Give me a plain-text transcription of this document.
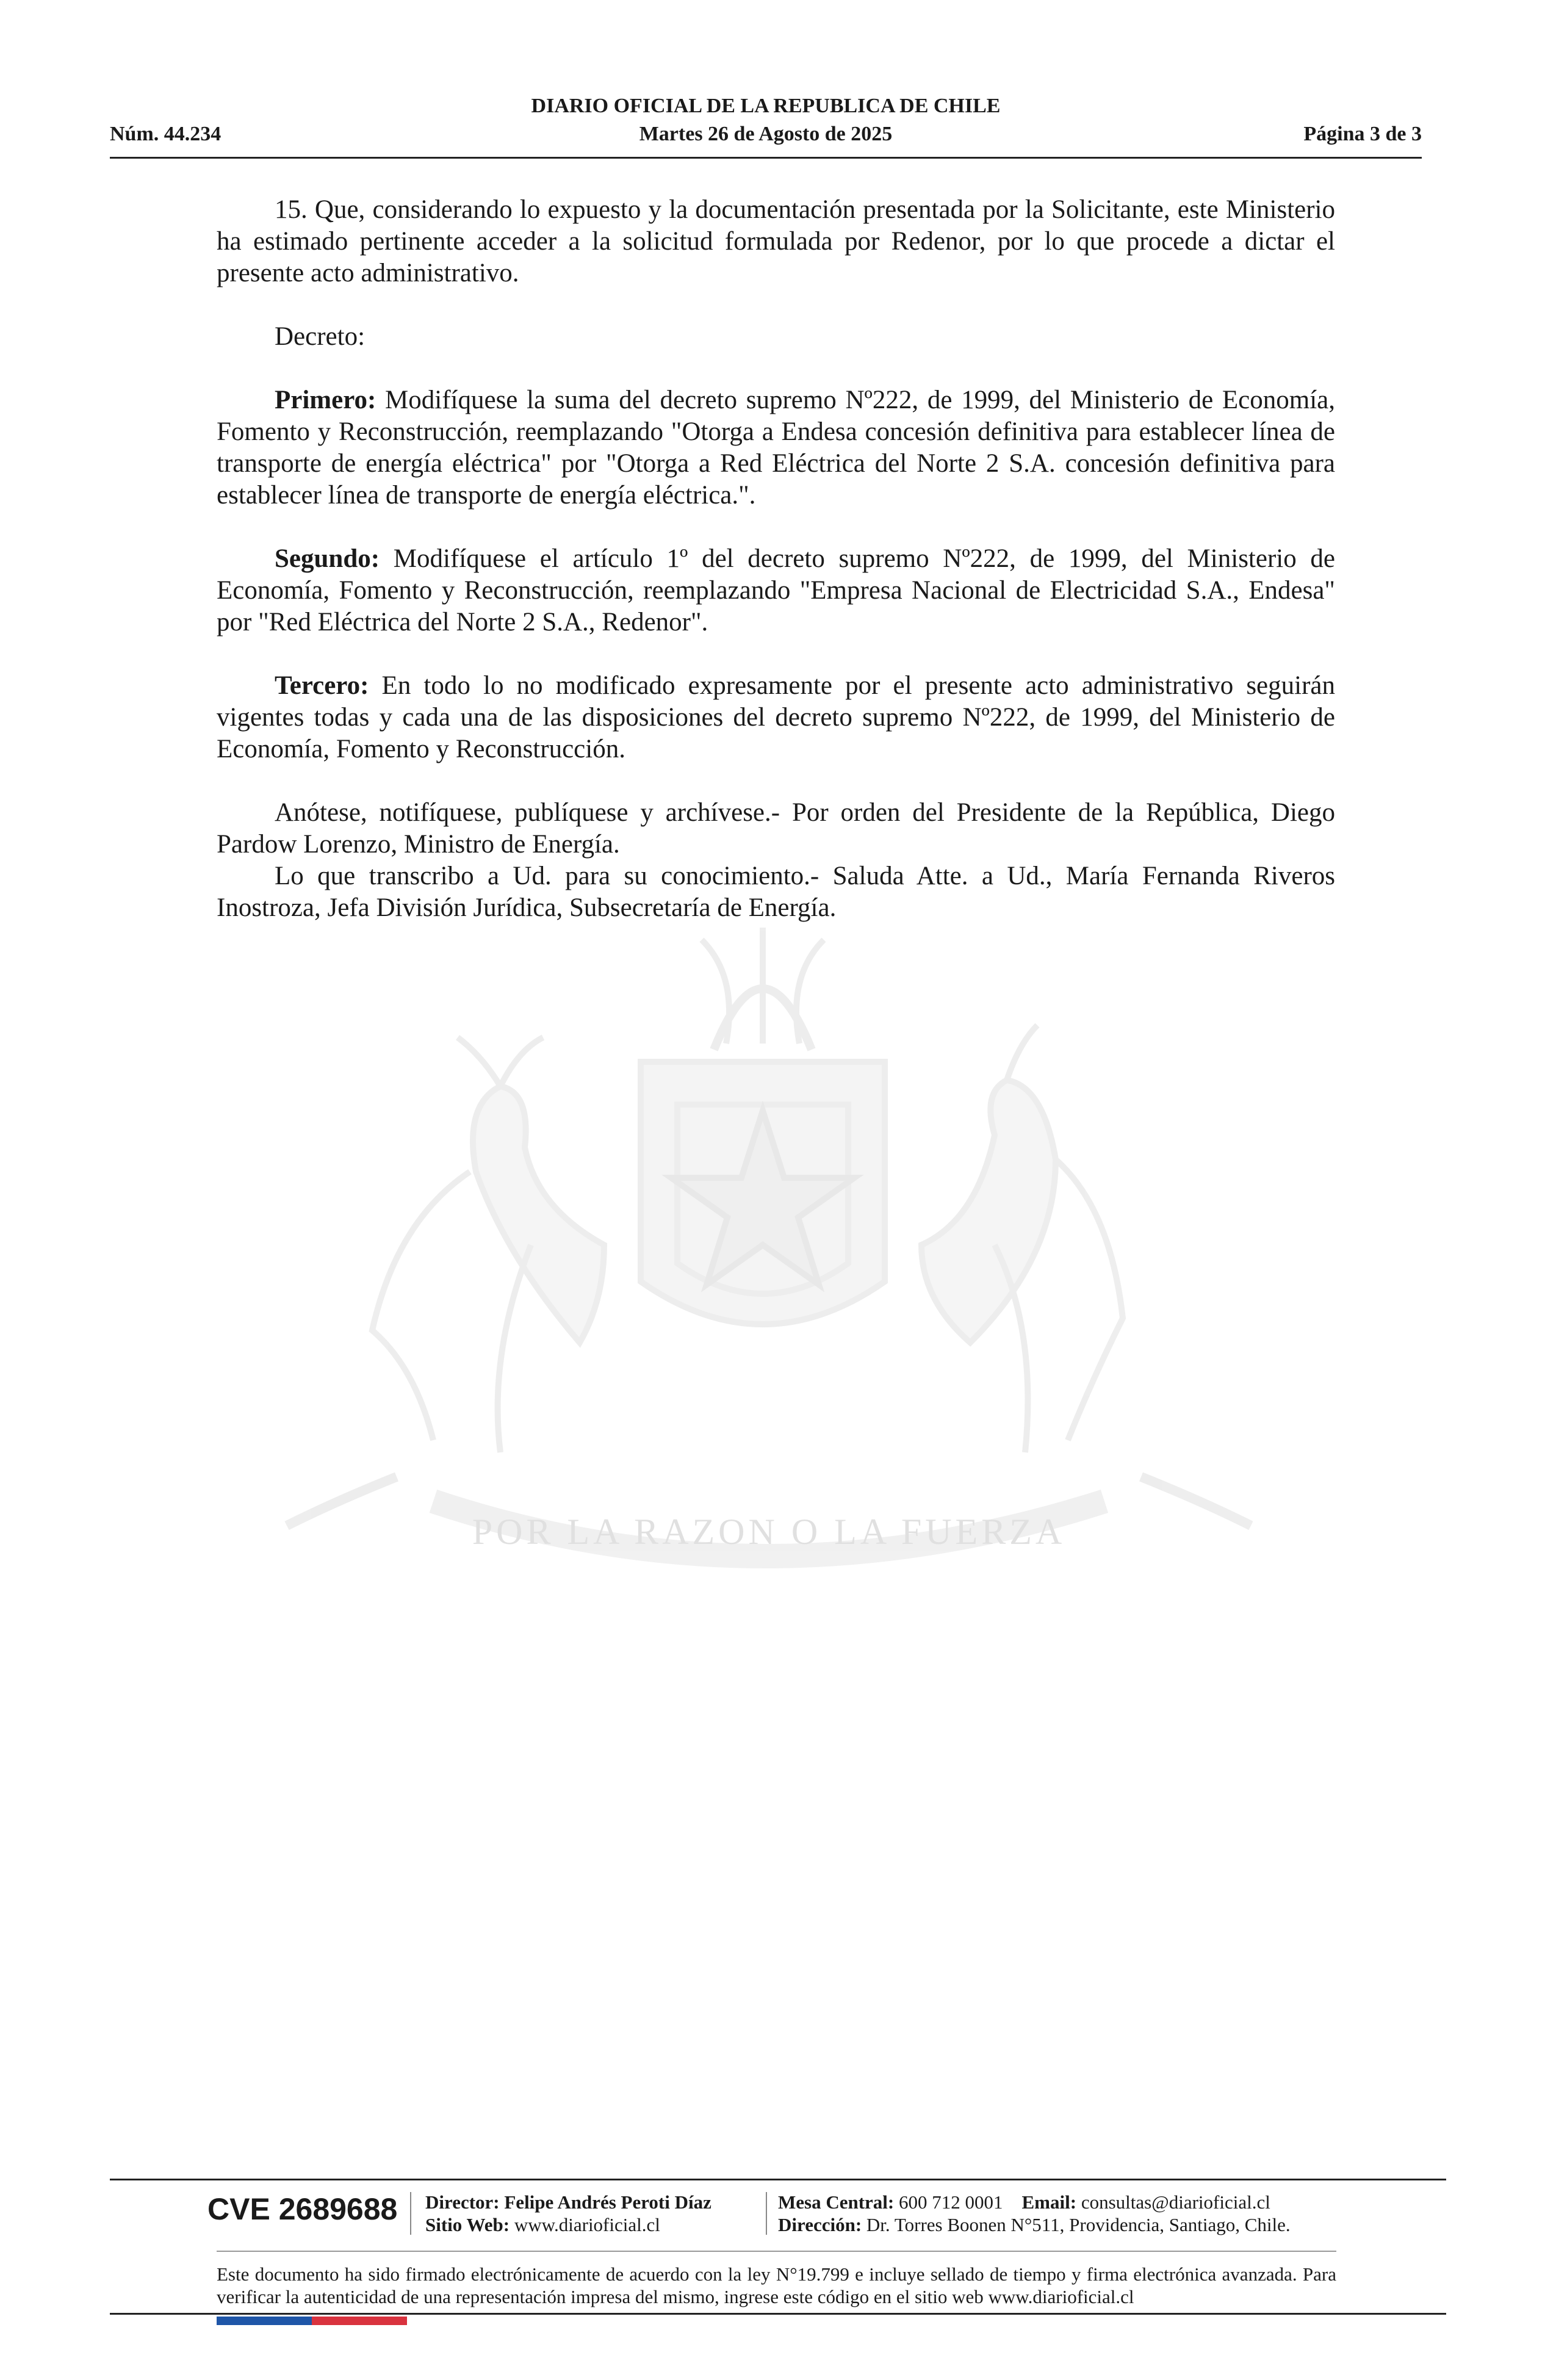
DIARIO OFICIAL DE LA REPUBLICA DE CHILE
Núm. 44.234	Martes 26 de Agosto de 2025	Página 3 de 3
POR LA RAZON O LA FUERZA

15. Que, considerando lo expuesto y la documentación presentada por la Solicitante, este Ministerio ha estimado pertinente acceder a la solicitud formulada por Redenor, por lo que procede a dictar el presente acto administrativo.

Decreto:

Primero: Modifíquese la suma del decreto supremo Nº222, de 1999, del Ministerio de Economía, Fomento y Reconstrucción, reemplazando "Otorga a Endesa concesión definitiva para establecer línea de transporte de energía eléctrica" por "Otorga a Red Eléctrica del Norte 2 S.A. concesión definitiva para establecer línea de transporte de energía eléctrica.".

Segundo: Modifíquese el artículo 1º del decreto supremo Nº222, de 1999, del Ministerio de Economía, Fomento y Reconstrucción, reemplazando "Empresa Nacional de Electricidad S.A., Endesa" por "Red Eléctrica del Norte 2 S.A., Redenor".

Tercero: En todo lo no modificado expresamente por el presente acto administrativo seguirán vigentes todas y cada una de las disposiciones del decreto supremo Nº222, de 1999, del Ministerio de Economía, Fomento y Reconstrucción.

Anótese, notifíquese, publíquese y archívese.- Por orden del Presidente de la República, Diego Pardow Lorenzo, Ministro de Energía.

Lo que transcribo a Ud. para su conocimiento.- Saluda Atte. a Ud., María Fernanda Riveros Inostroza, Jefa División Jurídica, Subsecretaría de Energía.

CVE 2689688 Director: Felipe Andrés Peroti Díaz
Sitio Web: www.diarioficial.cl
Mesa Central: 600 712 0001 Email: consultas@diarioficial.cl
Dirección: Dr. Torres Boonen N°511, Providencia, Santiago, Chile.
Este documento ha sido firmado electrónicamente de acuerdo con la ley N°19.799 e incluye sellado de tiempo y firma electrónica avanzada. Para verificar la autenticidad de una representación impresa del mismo, ingrese este código en el sitio web www.diarioficial.cl
